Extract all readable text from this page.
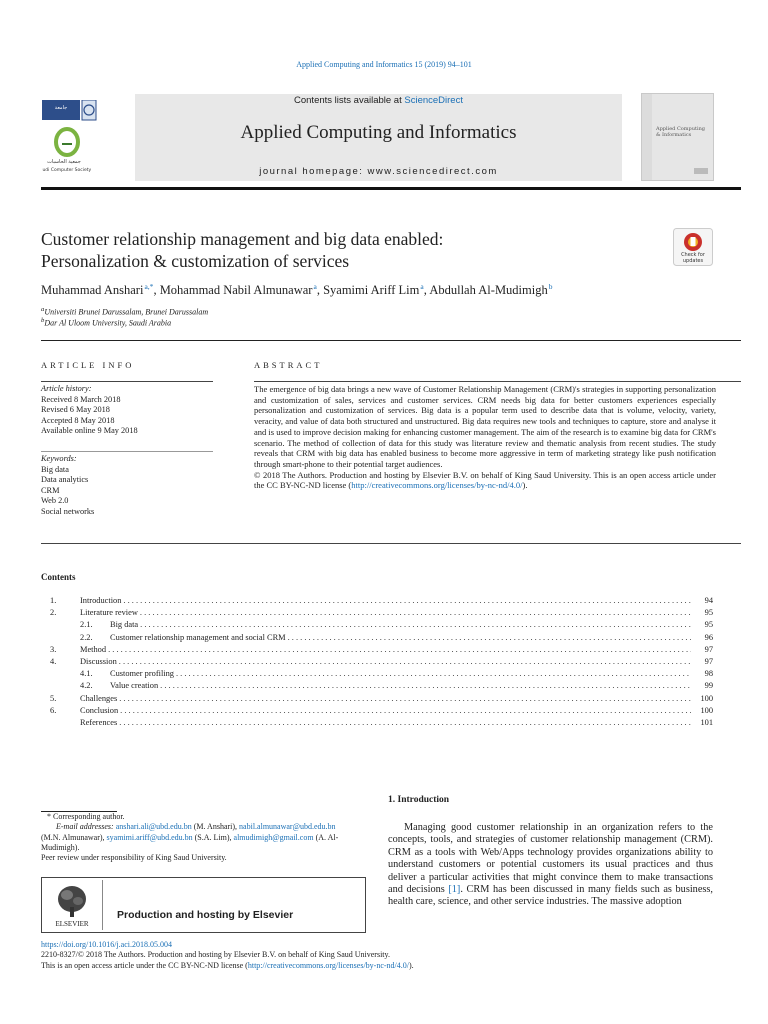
Applied Computing and Informatics 15 (2019) 94–101
Contents lists available at ScienceDirect
Applied Computing and Informatics
journal homepage: www.sciencedirect.com
ﺟﺎﻣﻌﺔ
ﺟﻤﻌﻴﺔ الحاسبات
Saudi Computer Society
Applied Computing
& Informatics
Customer relationship management and big data enabled:
Personalization & customization of services	Check for
updates
Muhammad Anshari $^{a,*}$, Mohammad Nabil Almunawar $^a$, Syamimi Ariff Lim $^a$, Abdullah Al-Mudimigh $^b$
$^a$Universiti Brunei Darussalam, Brunei Darussalam
$^b$Dar Al Uloom University, Saudi Arabia
ARTICLE INFO
Article history:
Received 8 March 2018
Revised 6 May 2018
Accepted 8 May 2018
Available online 9 May 2018
Keywords:
Big data
Data analytics
CRM
Web 2.0
Social networks
ABSTRACT
The emergence of big data brings a new wave of Customer Relationship Management (CRM)'s strategies in supporting personalization and customization of sales, services and customer services. CRM needs big data for better customers experiences especially personalization and customization of services. Big data is a popular term used to describe data that is volume, velocity, variety, veracity, and value of data both structured and unstructured. Big data requires new tools and techniques to capture, store and analyse it and is used to improve decision making for enhancing customer management. The aim of the research is to examine big data for CRM's scenario. The method of collection of data for this study was literature review and thematic analysis from recent studies. The study reveals that CRM with big data has enabled business to become more aggressive in term of marketing strategy like push notification through smart-phone to their potential target audiences.
© 2018 The Authors. Production and hosting by Elsevier B.V. on behalf of King Saud University. This is an open access article under the CC BY-NC-ND license (http://creativecommons.org/licenses/by-nc-nd/4.0/).
Contents
1.	Introduction . . .	94
2.	Literature review . . .	95
2.1.	Big data . . .	95
2.2.	Customer relationship management and social CRM . . .	96
3.	Method . . .	97
4.	Discussion . . .	97
4.1.	Customer profiling . . .	98
4.2.	Value creation . . .	99
5.	Challenges . . .	100
6.	Conclusion . . .	100
References . . .	101
1. Introduction
Managing good customer relationship in an organization refers to the concepts, tools, and strategies of customer relationship management (CRM). CRM as a tools with Web/Apps technology provides organizations ability to understand customers or potential customers its usual practices and thus deliver a particular activities that might convince them to make transactions and decisions [1]. CRM has been discussed in many fields such as business, health care, science, and other service industries. The massive adoption
* Corresponding author.
E-mail addresses: anshari.ali@ubd.edu.bn (M. Anshari), nabil.almunawar@ubd.edu.bn
(M.N. Almunawar), syamimi.ariff@ubd.edu.bn (S.A. Lim), almudimigh@gmail.com (A. Al-Mudimigh).
Peer review under responsibility of King Saud University.
ELSEVIER
Production and hosting by Elsevier
https://doi.org/10.1016/j.aci.2018.05.004
2210-8327/© 2018 The Authors. Production and hosting by Elsevier B.V. on behalf of King Saud University.
This is an open access article under the CC BY-NC-ND license (http://creativecommons.org/licenses/by-nc-nd/4.0/).
